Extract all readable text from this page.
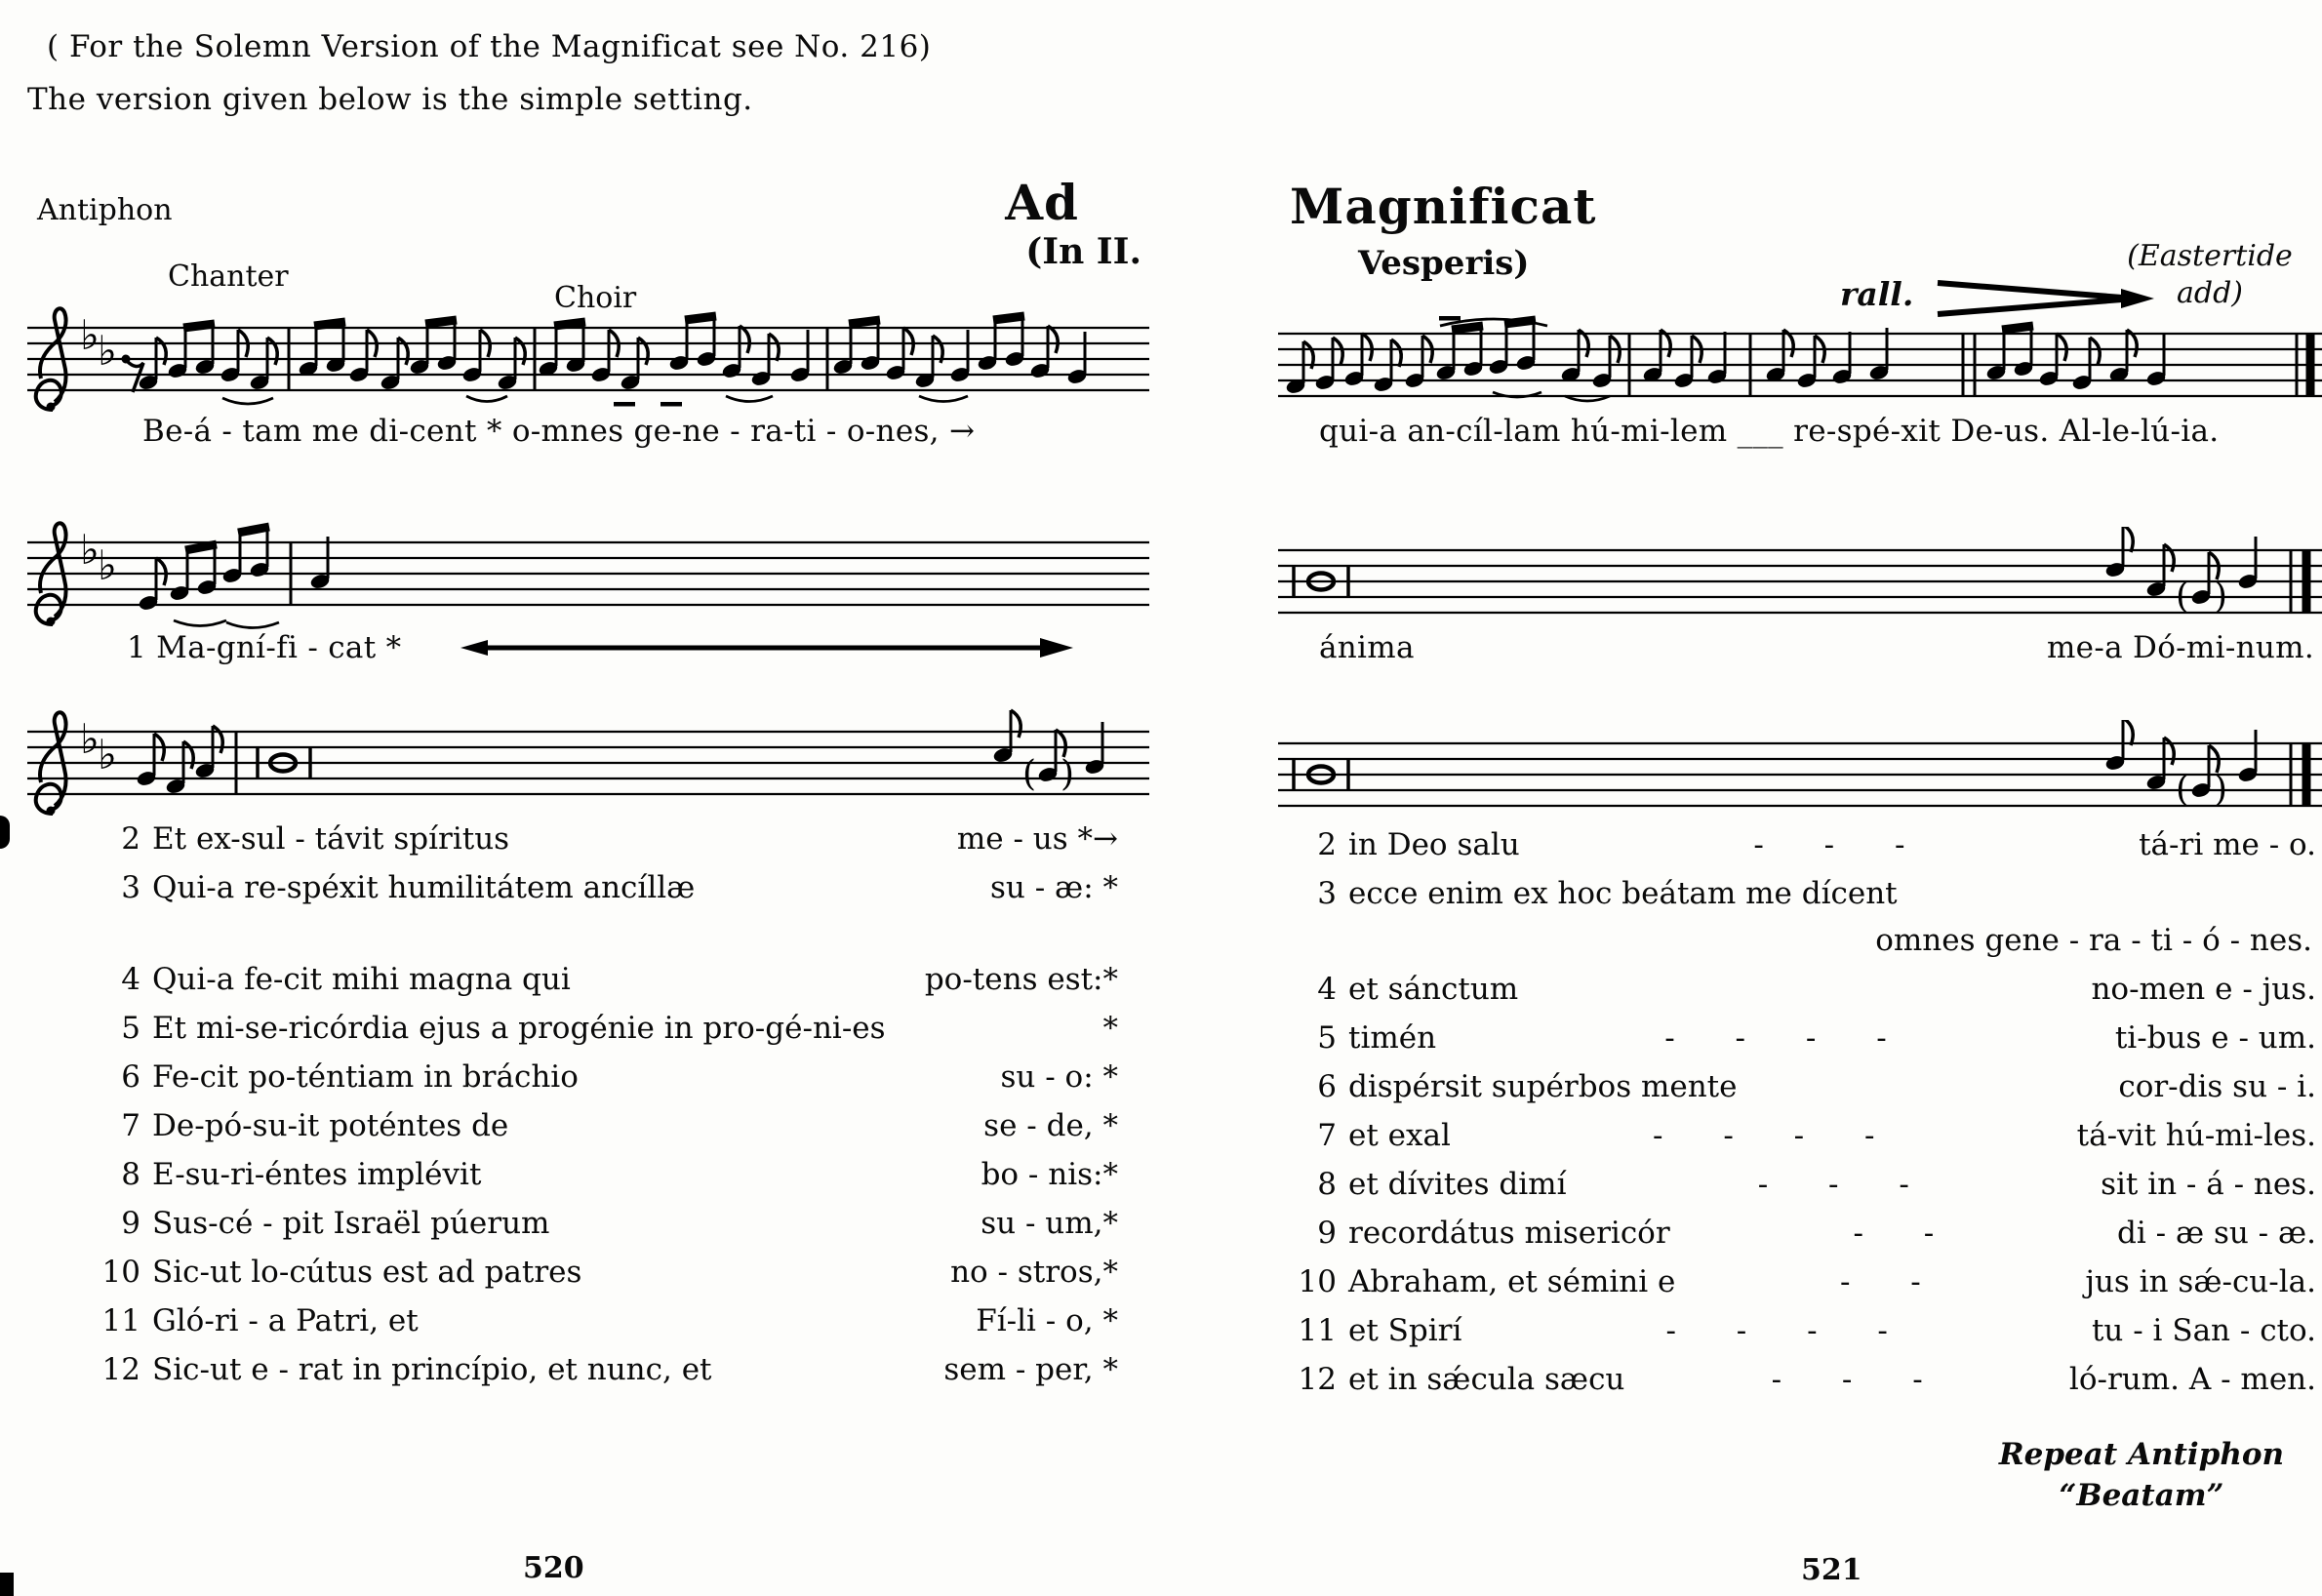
( For the Solemn Version of the Magnificat see No. 216)
The version given below is the simple setting.
Antiphon	Ad
(In II.
Chanter
Choir
♭
♭
Be-á - tam me di-cent * o-mnes ge-ne - ra-ti - o-nes, →
♭
♭
1 Ma-gní-fi - cat *
♭
♭	( )
2 Et ex-sul - távit spíritus	me - us *→
3 Qui-a re-spéxit humilitátem ancíllæ	su - æ: *
4 Qui-a fe-cit mihi magna qui	po-tens est:*
5 Et mi-se-ricórdia ejus a progénie in pro-gé-ni-es	*
6 Fe-cit po-téntiam in bráchio	su - o: *
7 De-pó-su-it poténtes de	se - de, *
8 E-su-ri-éntes implévit	bo - nis:*
9 Sus-cé - pit Israël púerum	su - um,*
10 Sic-ut lo-cútus est ad patres	no - stros,*
11 Gló-ri - a Patri, et	Fí-li - o, *
12 Sic-ut e - rat in princípio, et nunc, et	sem - per, *
520
Magnificat
Vesperis)
rall.
(Eastertide
add)
qui-a an-cíl-lam hú-mi-lem ___ re-spé-xit De-us. Al-le-lú-ia.
( )
ánima	me-a Dó-mi-num.
( )
2 in Deo salu	- - -	tá-ri me - o.
3 ecce enim ex hoc beátam me dícent
omnes gene - ra - ti - ó - nes.
4 et sánctum	no-men e - jus.
5 timén	- - - -	ti-bus e - um.
6 dispérsit supérbos mente	cor-dis su - i.
7 et exal	- - - -	tá-vit hú-mi-les.
8 et dívites dimí	- - -	sit in - á - nes.
9 recordátus misericór	- -	di - æ su - æ.
10 Abraham, et sémini e	- -	jus in sǽ-cu-la.
11 et Spirí	- - - -	tu - i San - cto.
12 et in sǽcula sæcu	- - -	ló-rum. A - men.
Repeat Antiphon
“Beatam”
521
